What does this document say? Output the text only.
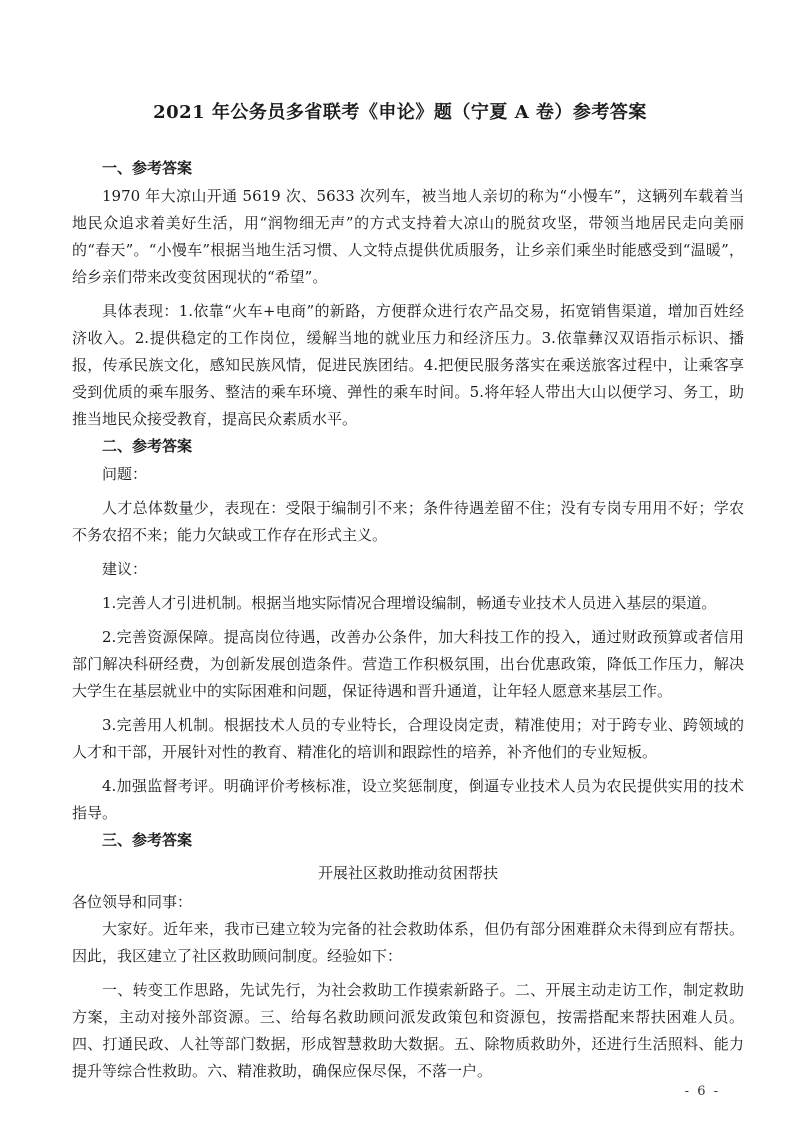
2021 年公务员多省联考《申论》题（宁夏 A 卷）参考答案

一、参考答案

1970 年大凉山开通 5619 次、5633 次列车，被当地人亲切的称为“小慢车”，这辆列车载着当地民众追求着美好生活，用“润物细无声”的方式支持着大凉山的脱贫攻坚，带领当地居民走向美丽的“春天”。“小慢车”根据当地生活习惯、人文特点提供优质服务，让乡亲们乘坐时能感受到“温暖”，给乡亲们带来改变贫困现状的“希望”。

具体表现：1.依靠“火车+电商”的新路，方便群众进行农产品交易，拓宽销售渠道，增加百姓经济收入。2.提供稳定的工作岗位，缓解当地的就业压力和经济压力。3.依靠彝汉双语指示标识、播报，传承民族文化，感知民族风情，促进民族团结。4.把便民服务落实在乘送旅客过程中，让乘客享受到优质的乘车服务、整洁的乘车环境、弹性的乘车时间。5.将年轻人带出大山以便学习、务工，助推当地民众接受教育，提高民众素质水平。

二、参考答案

问题：

人才总体数量少，表现在：受限于编制引不来；条件待遇差留不住；没有专岗专用用不好；学农不务农招不来；能力欠缺或工作存在形式主义。

建议：

1.完善人才引进机制。根据当地实际情况合理增设编制，畅通专业技术人员进入基层的渠道。

2.完善资源保障。提高岗位待遇，改善办公条件，加大科技工作的投入，通过财政预算或者信用部门解决科研经费，为创新发展创造条件。营造工作积极氛围，出台优惠政策，降低工作压力，解决大学生在基层就业中的实际困难和问题，保证待遇和晋升通道，让年轻人愿意来基层工作。

3.完善用人机制。根据技术人员的专业特长，合理设岗定责，精准使用；对于跨专业、跨领域的人才和干部，开展针对性的教育、精准化的培训和跟踪性的培养，补齐他们的专业短板。

4.加强监督考评。明确评价考核标准，设立奖惩制度，倒逼专业技术人员为农民提供实用的技术指导。

三、参考答案

开展社区救助推动贫困帮扶

各位领导和同事：

大家好。近年来，我市已建立较为完备的社会救助体系，但仍有部分困难群众未得到应有帮扶。因此，我区建立了社区救助顾问制度。经验如下：

一、转变工作思路，先试先行，为社会救助工作摸索新路子。二、开展主动走访工作，制定救助方案，主动对接外部资源。三、给每名救助顾问派发政策包和资源包，按需搭配来帮扶困难人员。四、打通民政、人社等部门数据，形成智慧救助大数据。五、除物质救助外，还进行生活照料、能力提升等综合性救助。六、精准救助，确保应保尽保，不落一户。

- 6 -
